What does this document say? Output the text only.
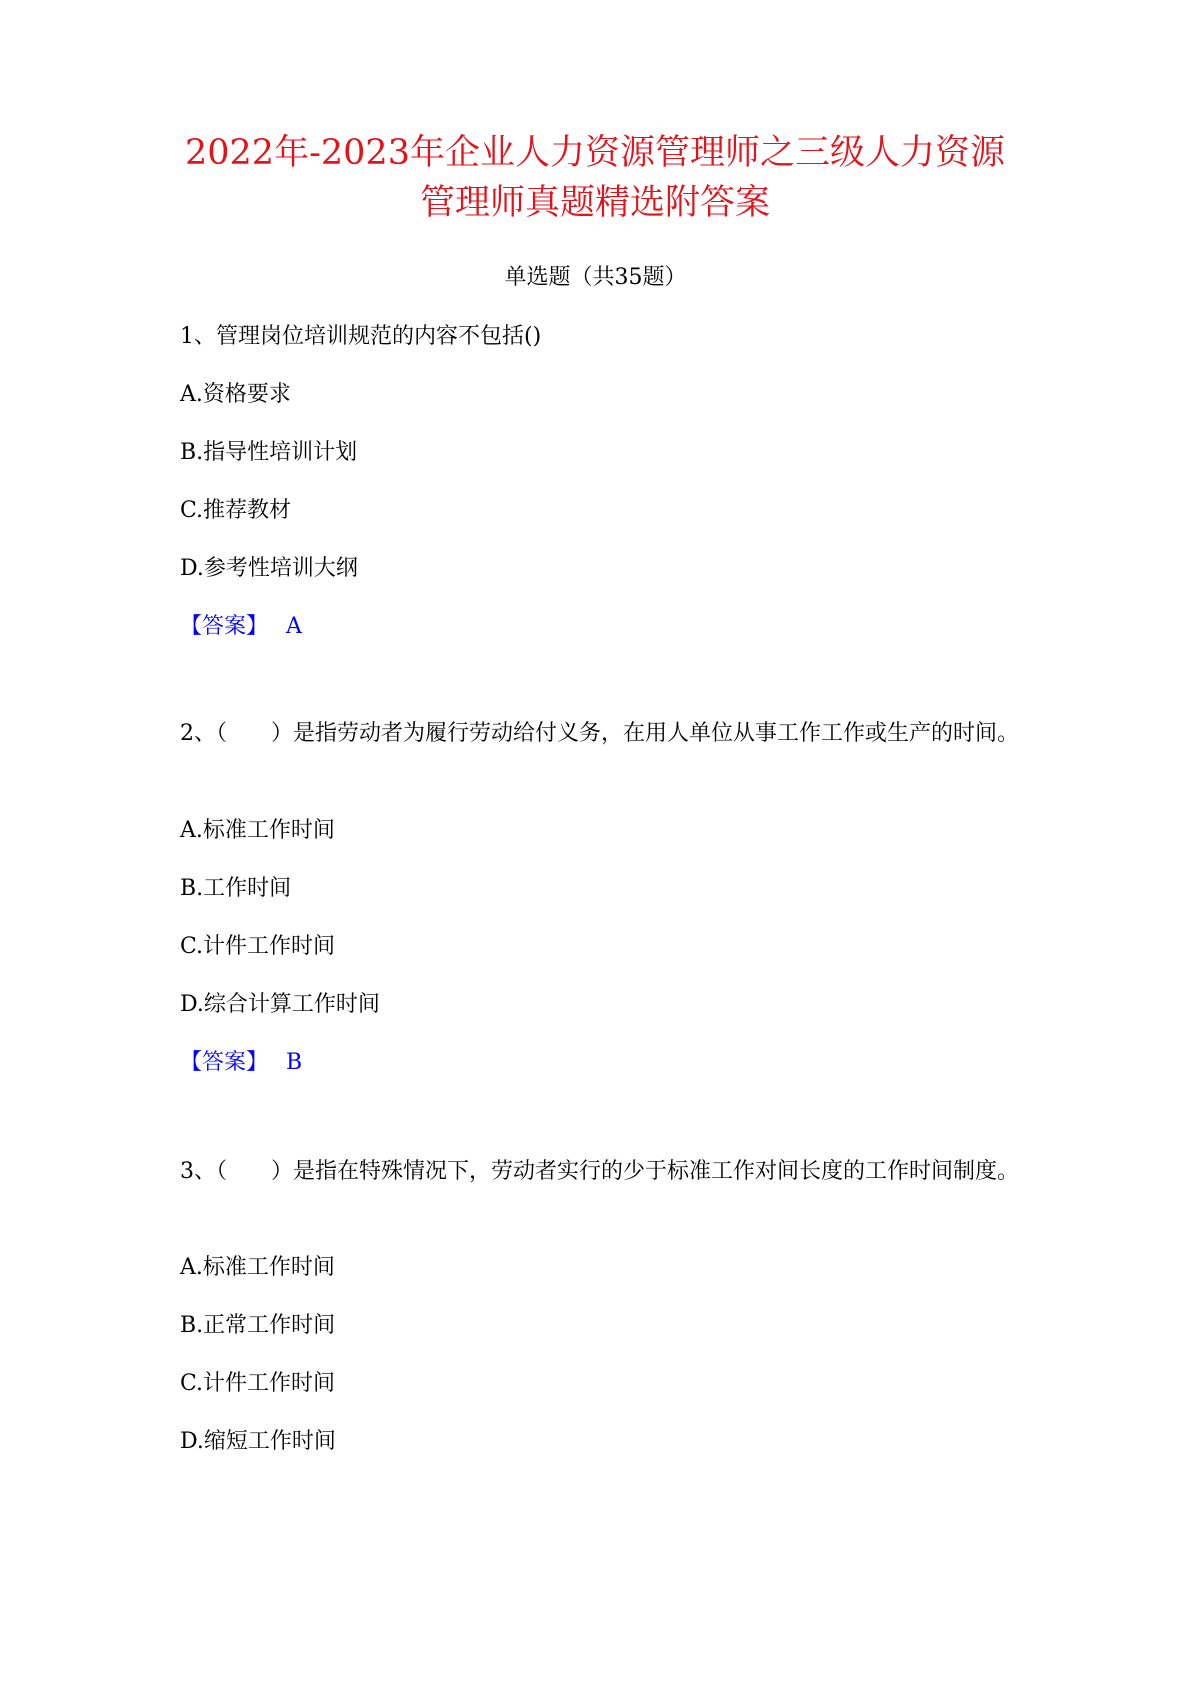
2022年-2023年企业人力资源管理师之三级人力资源管理师真题精选附答案
单选题（共35题）
1、管理岗位培训规范的内容不包括()
A.资格要求
B.指导性培训计划
C.推荐教材
D.参考性培训大纲
【答案】 A
2、（　　）是指劳动者为履行劳动给付义务，在用人单位从事工作工作或生产的时间。
A.标准工作时间
B.工作时间
C.计件工作时间
D.综合计算工作时间
【答案】 B
3、（　　）是指在特殊情况下，劳动者实行的少于标准工作对间长度的工作时间制度。
A.标准工作时间
B.正常工作时间
C.计件工作时间
D.缩短工作时间
